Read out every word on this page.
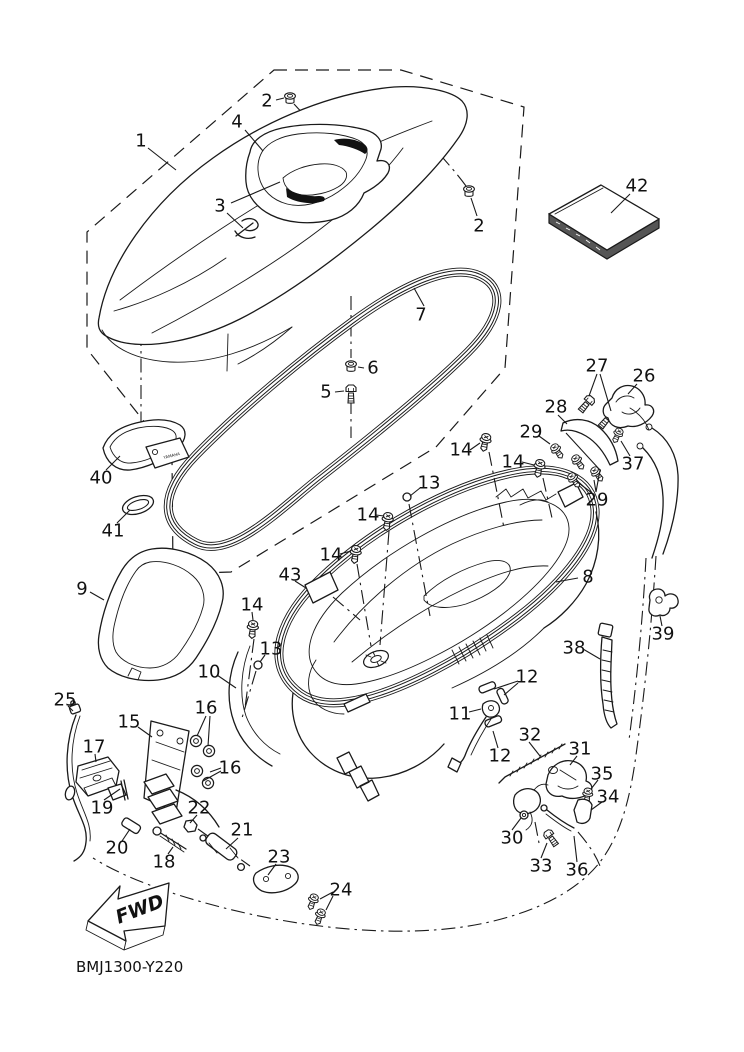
YAMAHA
FWD
1
2
4
3
2
42
7
6
5
27 26
28
29
14
14	37
29
13
14
14
8
43
9
14
39
38
13
10	12
25	16	11
15
32
17	31
12
16	35
34
19	22
21	30
20	23
18	33 36
24
40
41
BMJ1300-Y220
